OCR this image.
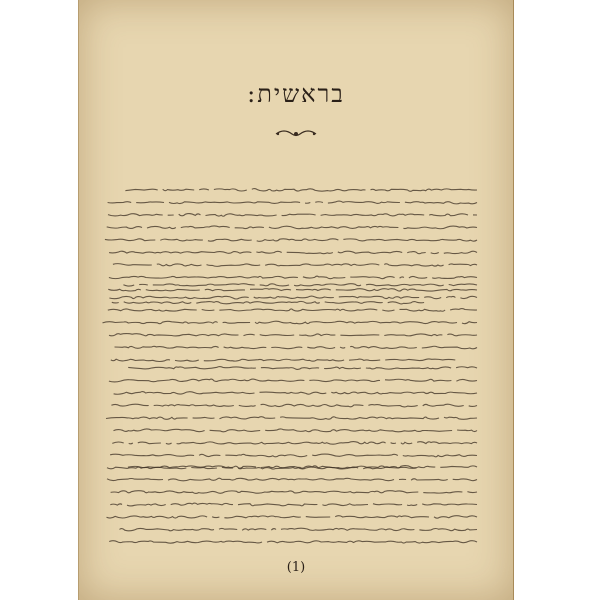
בראשית:
(1)
